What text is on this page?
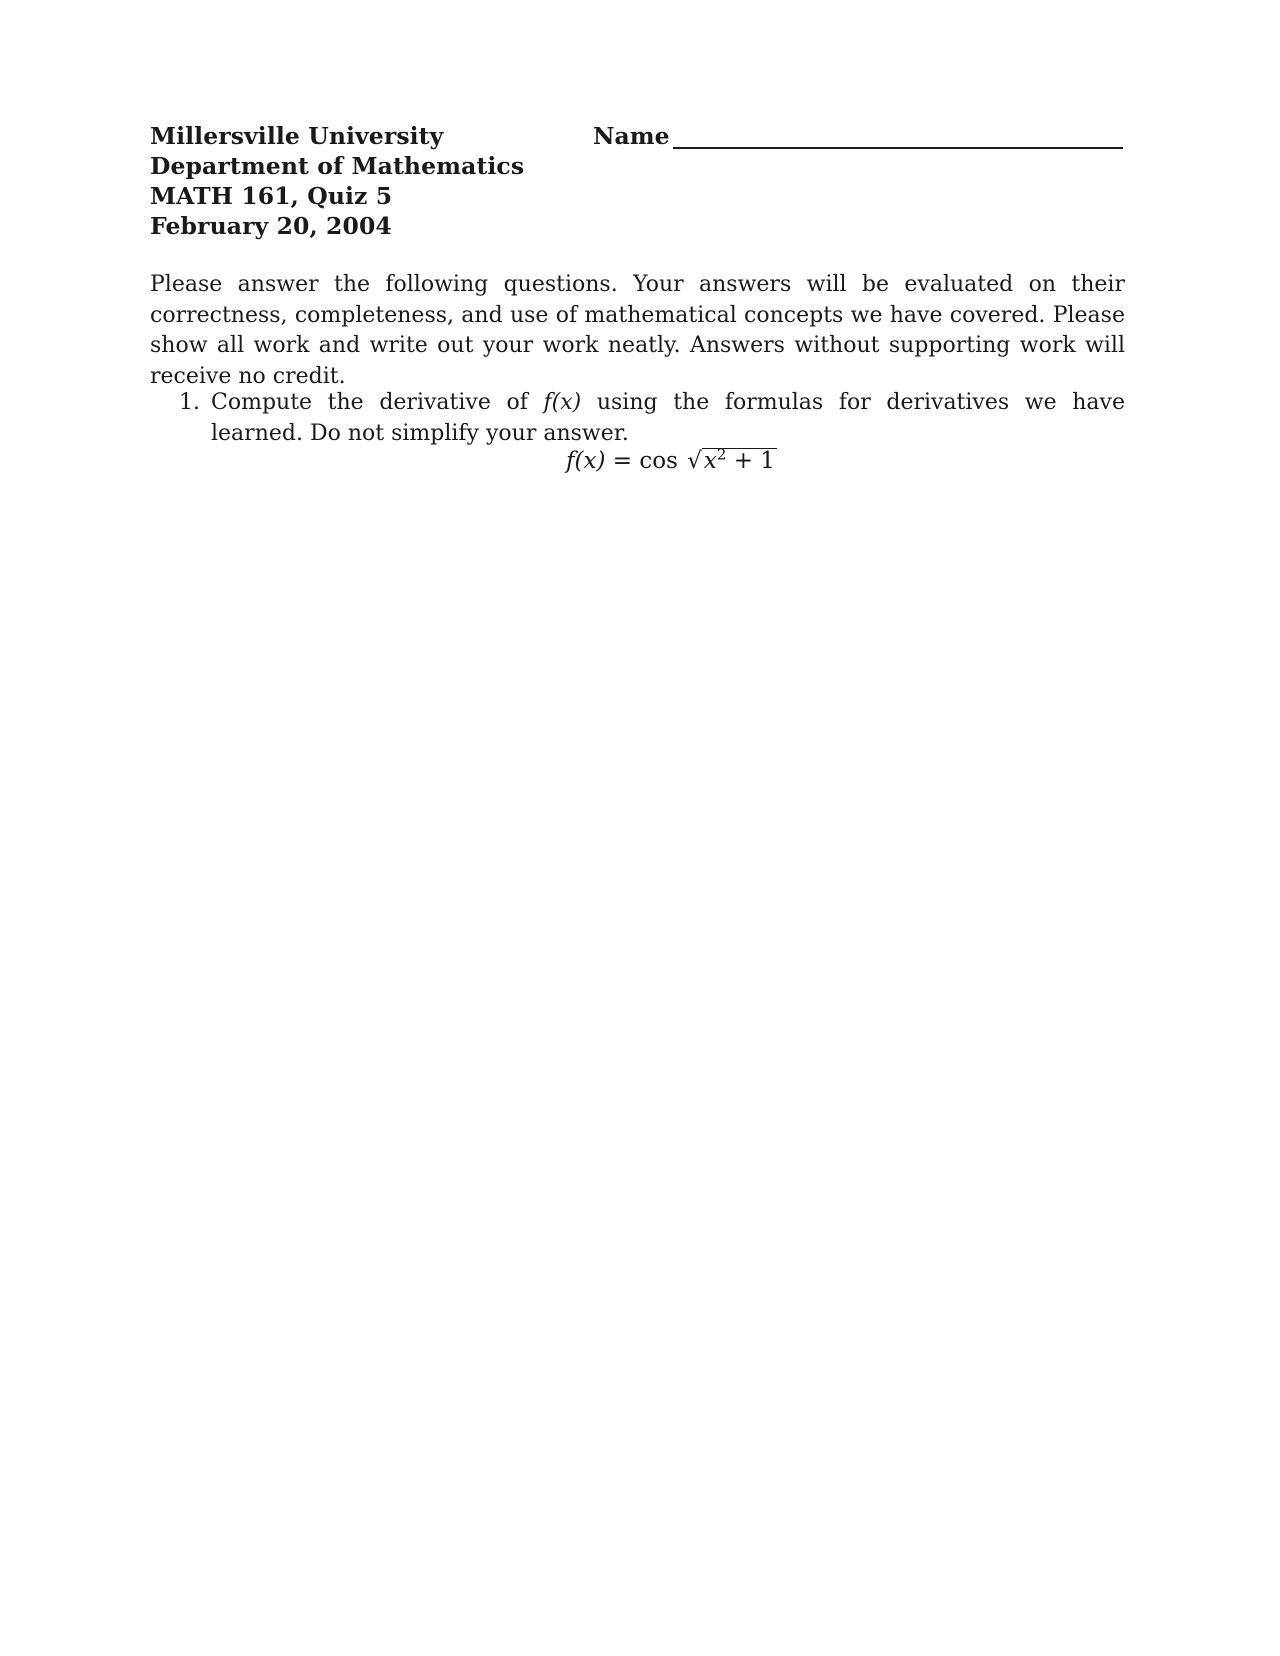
Millersville University
Department of Mathematics
MATH 161, Quiz 5
February 20, 2004
Name
Please answer the following questions. Your answers will be evaluated on their correctness, completeness, and use of mathematical concepts we have covered. Please show all work and write out your work neatly. Answers without supporting work will receive no credit.
1. Compute the derivative of f(x) using the formulas for derivatives we have learned. Do not simplify your answer.
$f(x) = \cos √x^2 + 1$
